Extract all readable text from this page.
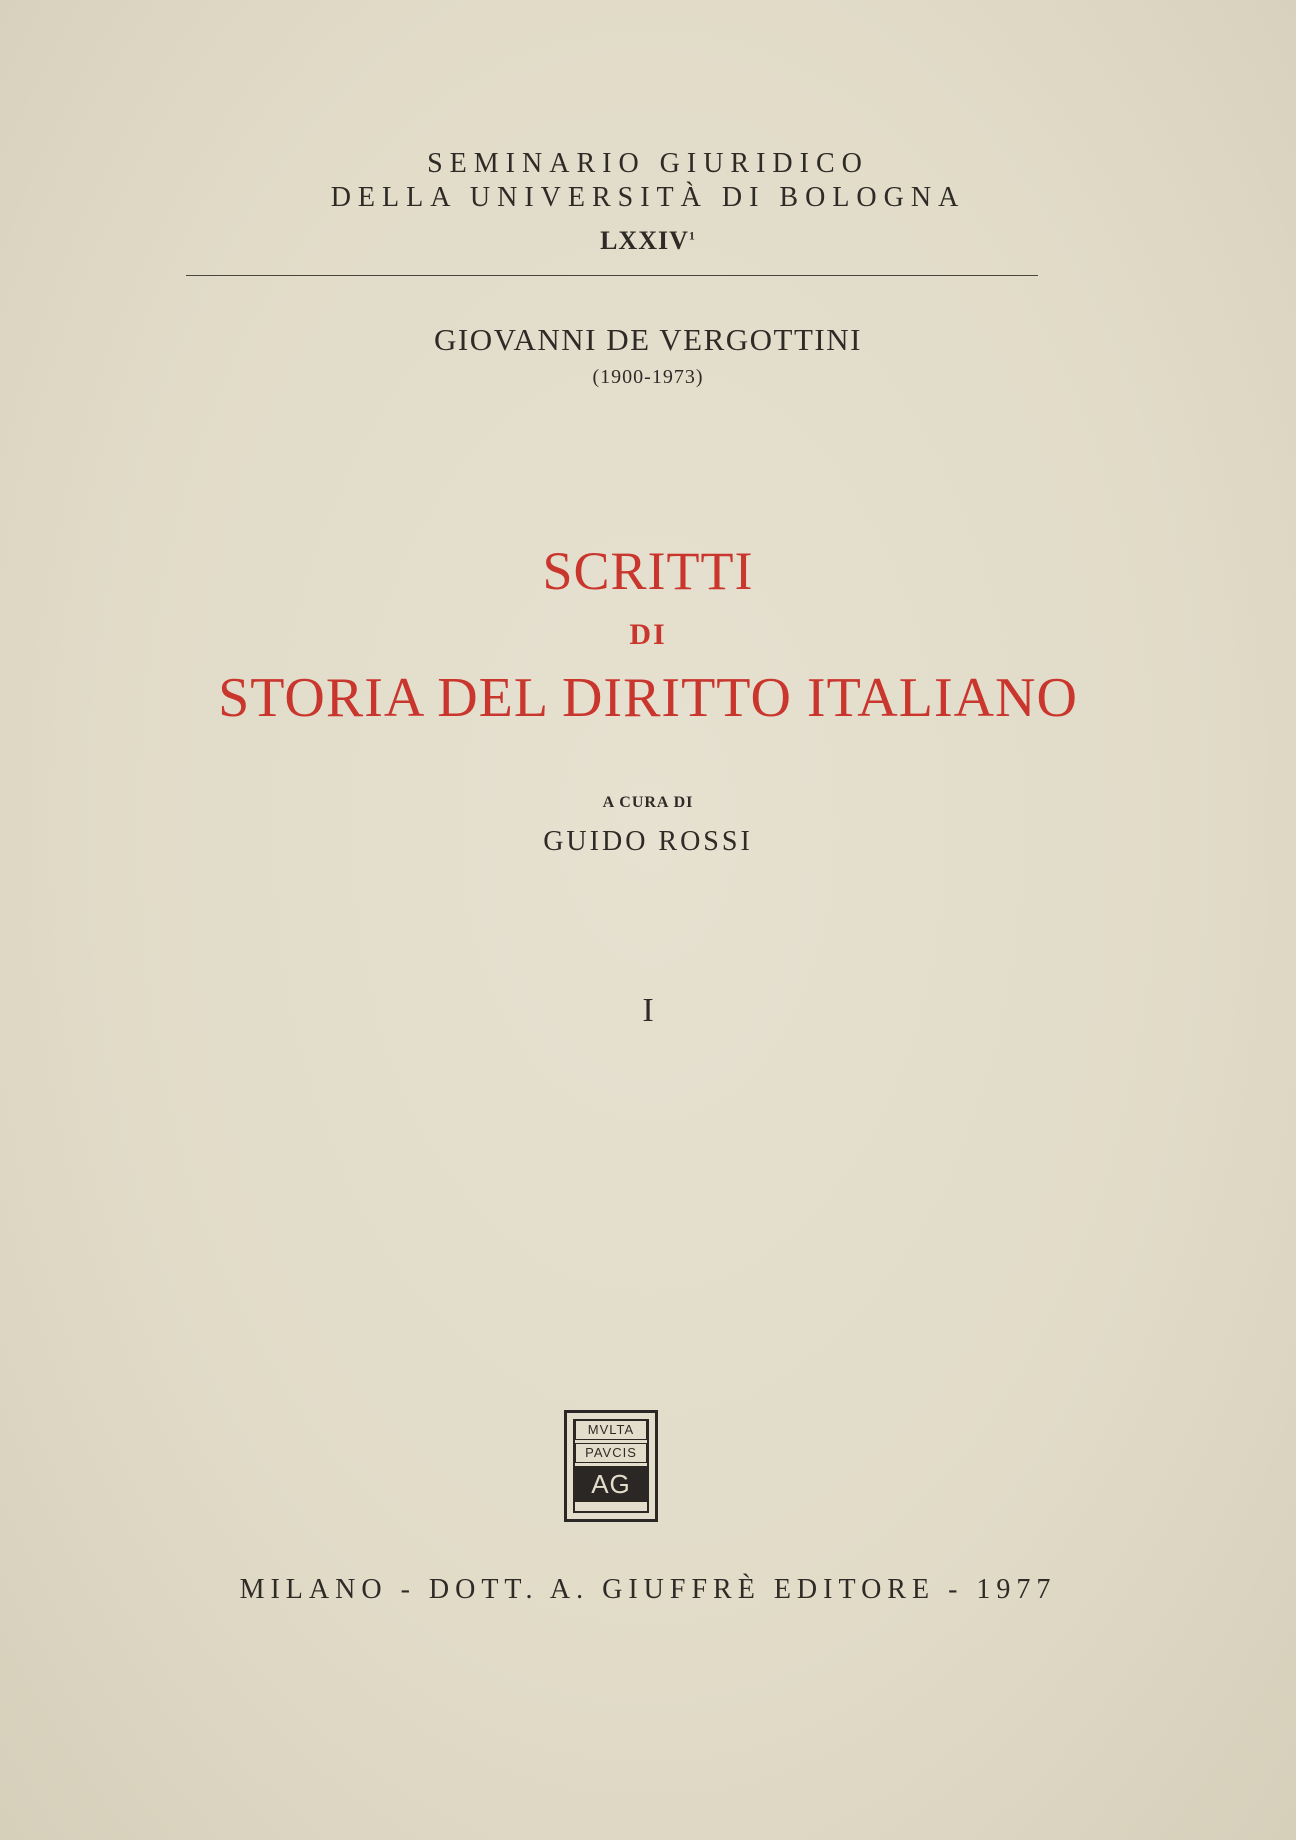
SEMINARIO GIURIDICO
DELLA UNIVERSITÀ DI BOLOGNA
LXXIV$^1$
GIOVANNI DE VERGOTTINI
(1900-1973)
SCRITTI
DI
STORIA DEL DIRITTO ITALIANO
A CURA DI
GUIDO ROSSI
I
MVLTA
PAVCIS
AG
MILANO - DOTT. A. GIUFFRÈ EDITORE - 1977
